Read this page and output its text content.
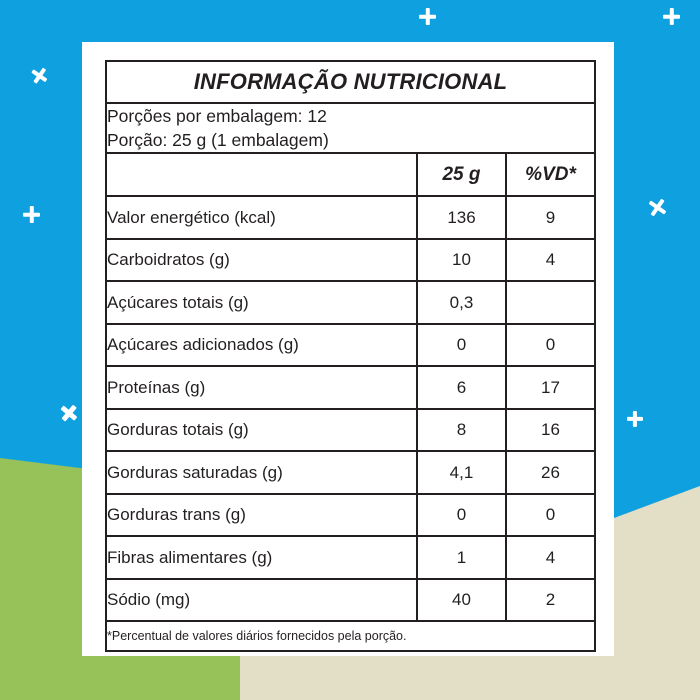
INFORMAÇÃO NUTRICIONAL		

Porções por embalagem: 12
Porção: 25 g (1 embalagem)		

	25 g	%VD*
Valor energético (kcal)	136	9
Carboidratos (g)	10	4
Açúcares totais (g)	0,3	
Açúcares adicionados (g)	0	0
Proteínas (g)	6	17
Gorduras totais (g)	8	16
Gorduras saturadas (g)	4,1	26
Gorduras trans (g)	0	0
Fibras alimentares (g)	1	4
Sódio (mg)	40	2
*Percentual de valores diários fornecidos pela porção.		
